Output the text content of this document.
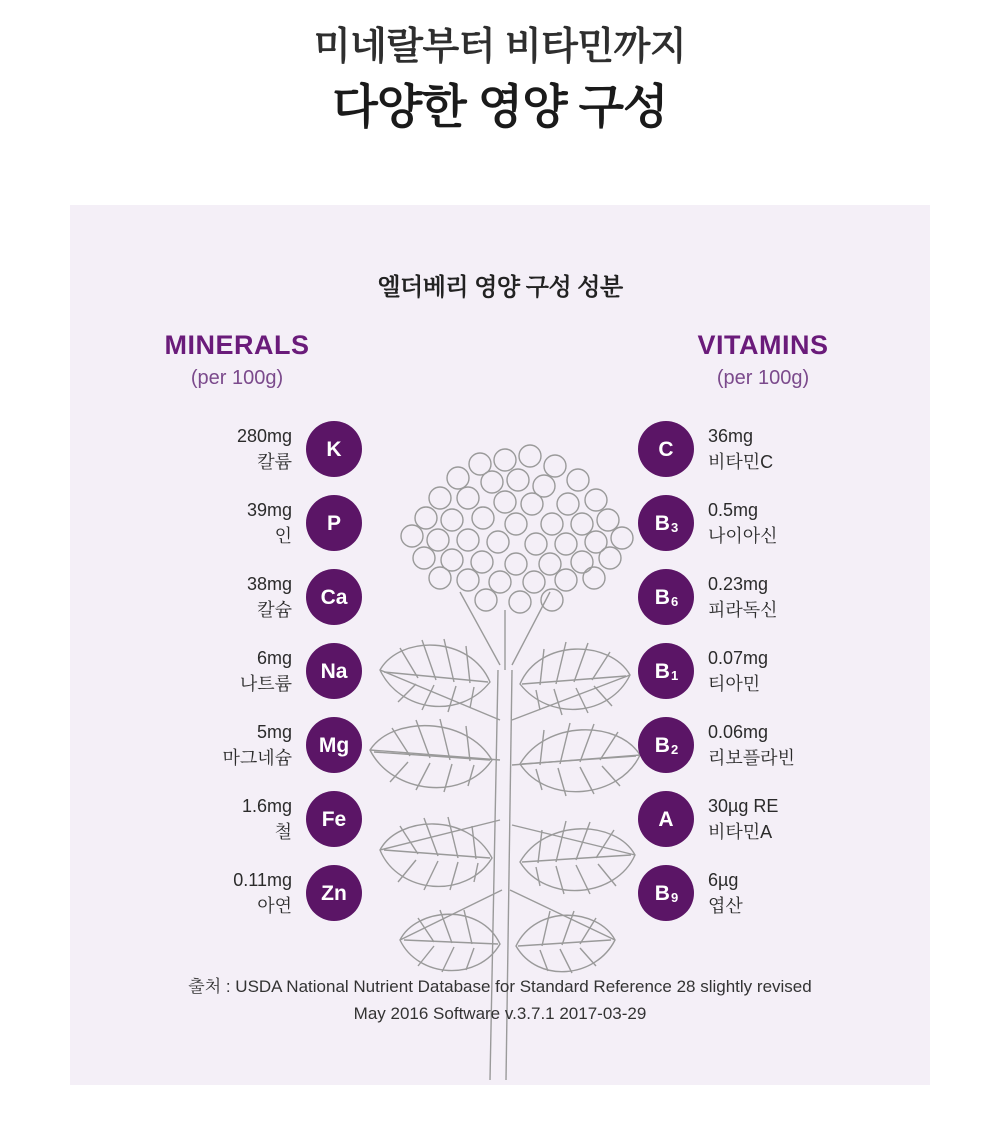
미네랄부터 비타민까지
다양한 영양 구성
엘더베리 영양 구성 성분
MINERALS
(per 100g)
280mg
칼륨
K
39mg
인
P
38mg
칼슘
Ca
6mg
나트륨
Na
5mg
마그네슘
Mg
1.6mg
철
Fe
0.11mg
아연
Zn
VITAMINS
(per 100g)
C
36mg
비타민C
$B_3$
0.5mg
나이아신
$B_6$
0.23mg
피라독신
$B_1$
0.07mg
티아민
$B_2$
0.06mg
리보플라빈
A
30µg RE
비타민A
$B_9$
6µg
엽산
출처 : USDA National Nutrient Database for Standard Reference 28 slightly revised
May 2016 Software v.3.7.1 2017-03-29
